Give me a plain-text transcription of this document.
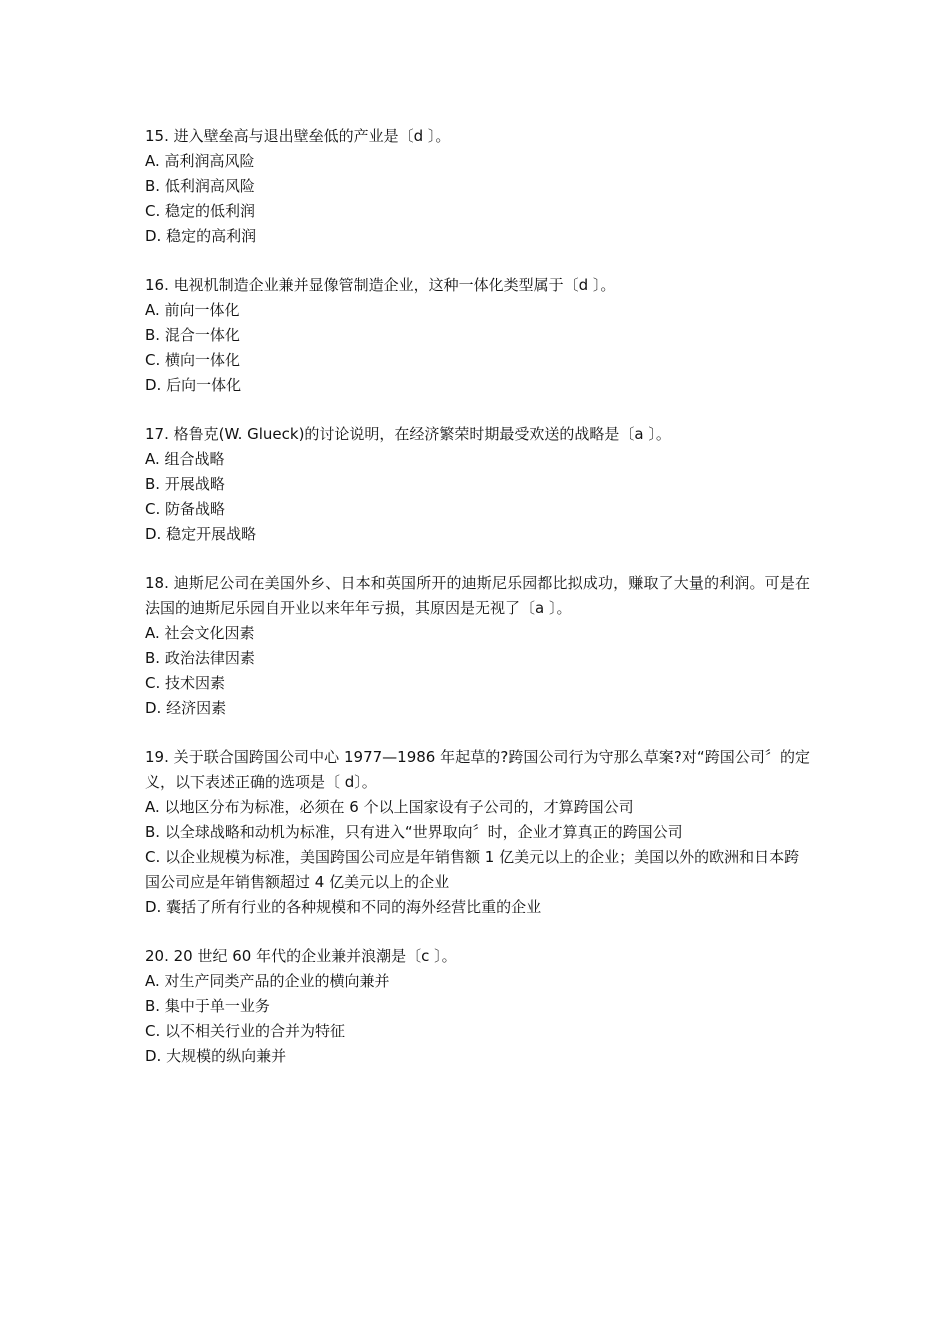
15. 进入壁垒高与退出壁垒低的产业是〔d 〕。

A. 高利润高风险

B. 低利润高风险

C. 稳定的低利润

D. 稳定的高利润

16. 电视机制造企业兼并显像管制造企业，这种一体化类型属于〔d 〕。

A. 前向一体化

B. 混合一体化

C. 横向一体化

D. 后向一体化

17. 格鲁克(W. Glueck)的讨论说明，在经济繁荣时期最受欢送的战略是〔a 〕。

A. 组合战略

B. 开展战略

C. 防备战略

D. 稳定开展战略

18. 迪斯尼公司在美国外乡、日本和英国所开的迪斯尼乐园都比拟成功，赚取了大量的利润。可是在法国的迪斯尼乐园自开业以来年年亏损，其原因是无视了〔a 〕。

A. 社会文化因素

B. 政治法律因素

C. 技术因素

D. 经济因素

19. 关于联合国跨国公司中心 1977—1986 年起草的?跨国公司行为守那么草案?对“跨国公司〞的定义，以下表述正确的选项是〔 d〕。

A. 以地区分布为标准，必须在 6 个以上国家设有子公司的，才算跨国公司

B. 以全球战略和动机为标准，只有进入“世界取向〞时，企业才算真正的跨国公司

C. 以企业规模为标准，美国跨国公司应是年销售额 1 亿美元以上的企业；美国以外的欧洲和日本跨国公司应是年销售额超过 4 亿美元以上的企业

D. 囊括了所有行业的各种规模和不同的海外经营比重的企业

20. 20 世纪 60 年代的企业兼并浪潮是〔c 〕。

A. 对生产同类产品的企业的横向兼并

B. 集中于单一业务

C. 以不相关行业的合并为特征

D. 大规模的纵向兼并
